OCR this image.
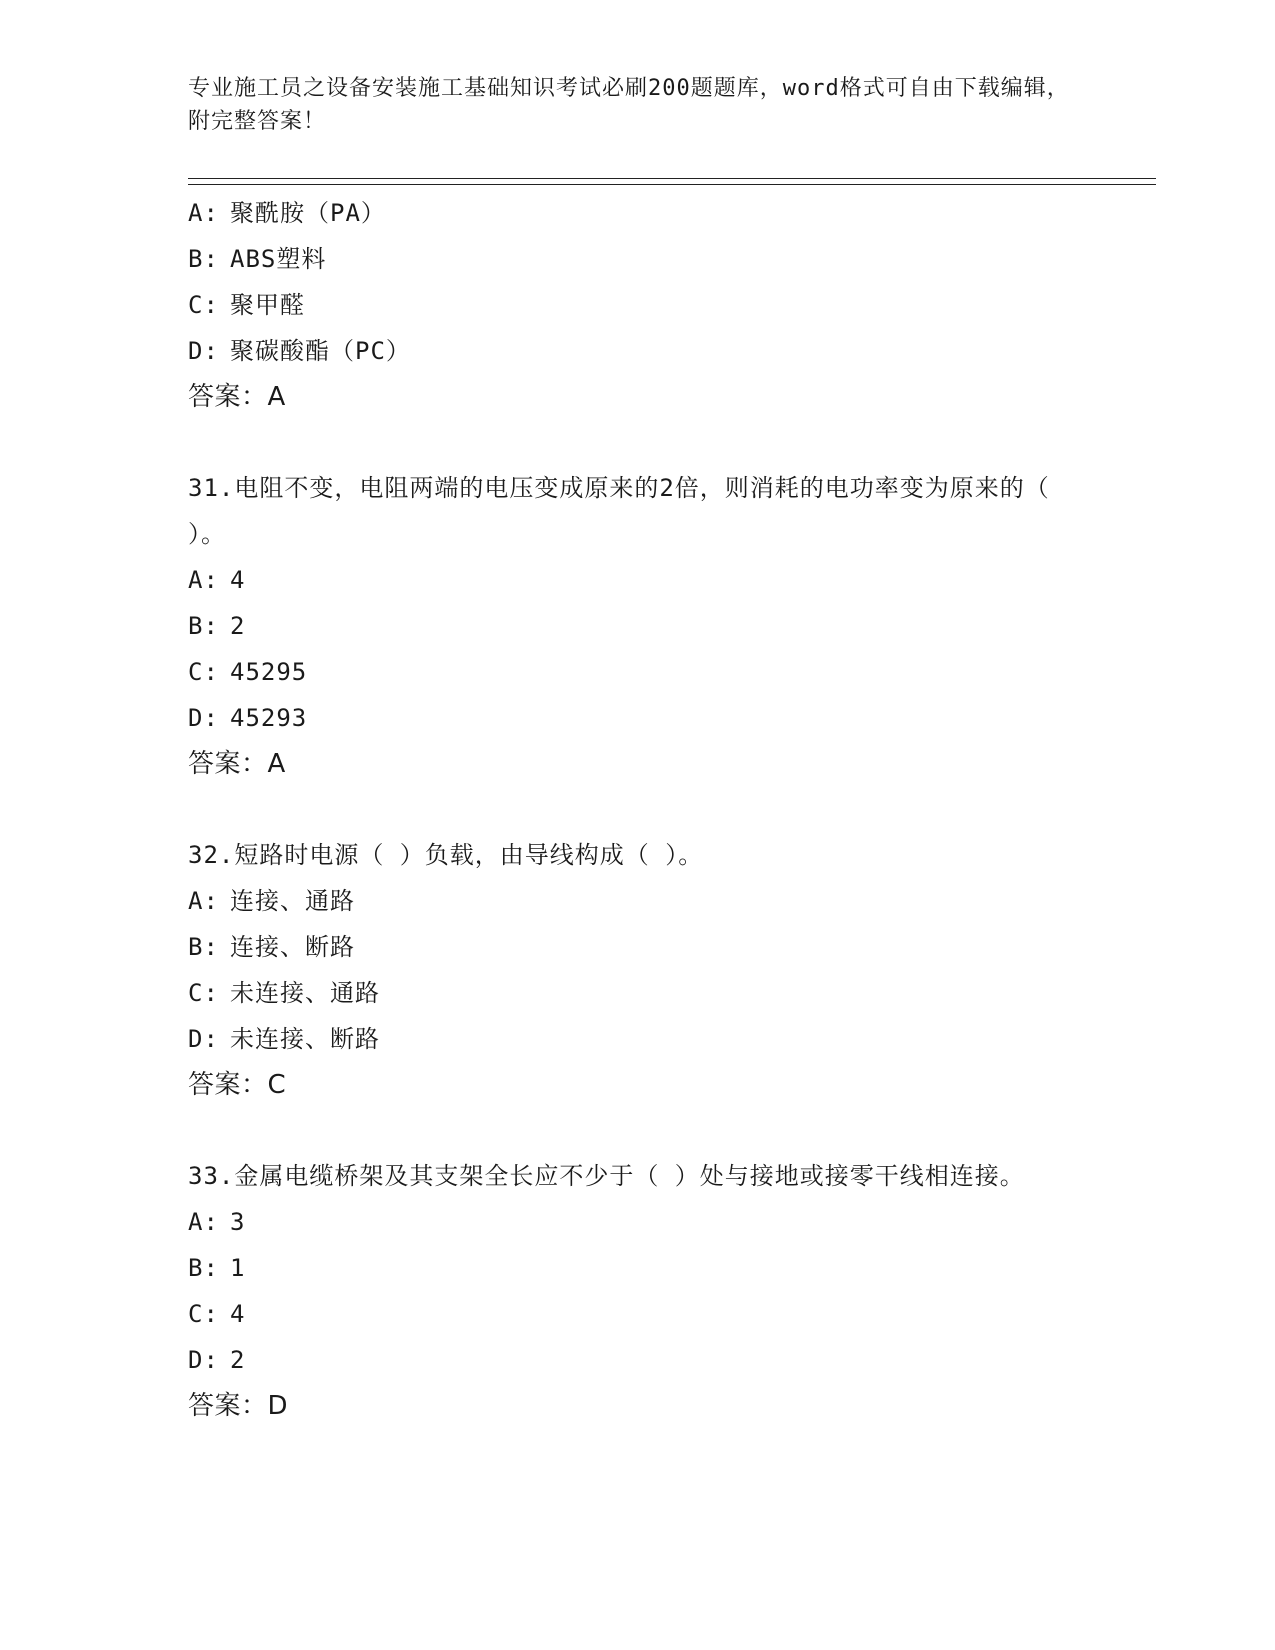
专业施工员之设备安装施工基础知识考试必刷200题题库，word格式可自由下载编辑，附完整答案！
A: 聚酰胺（PA）
B: ABS塑料
C: 聚甲醛
D: 聚碳酸酯（PC）
答案：A
31.电阻不变，电阻两端的电压变成原来的2倍，则消耗的电功率变为原来的（ ）。
A: 4
B: 2
C: 45295
D: 45293
答案：A
32.短路时电源（ ）负载，由导线构成（ ）。
A: 连接、通路
B: 连接、断路
C: 未连接、通路
D: 未连接、断路
答案：C
33.金属电缆桥架及其支架全长应不少于（ ）处与接地或接零干线相连接。
A: 3
B: 1
C: 4
D: 2
答案：D
